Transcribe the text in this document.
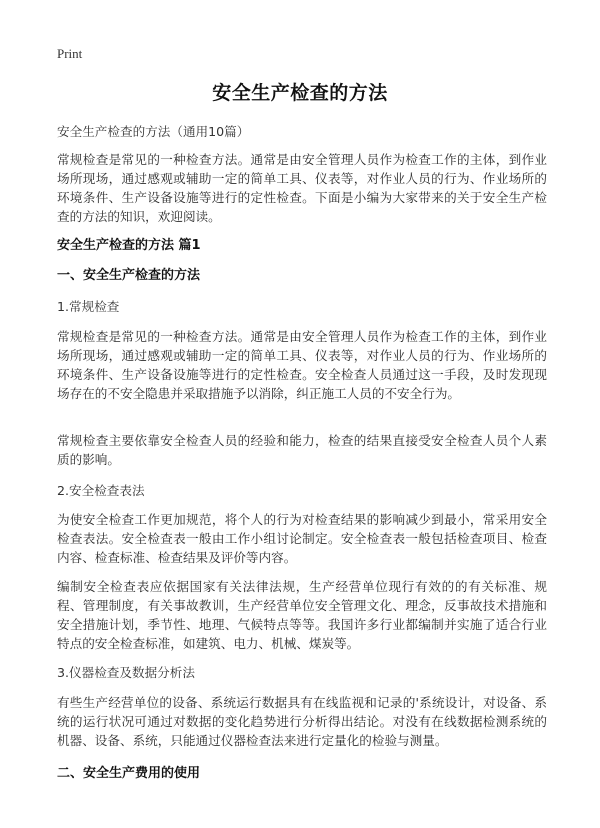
Print
安全生产检查的方法
安全生产检查的方法（通用10篇）
常规检查是常见的一种检查方法。通常是由安全管理人员作为检查工作的主体，到作业场所现场，通过感观或辅助一定的简单工具、仪表等，对作业人员的行为、作业场所的环境条件、生产设备设施等进行的定性检查。下面是小编为大家带来的关于安全生产检查的方法的知识，欢迎阅读。
安全生产检查的方法 篇1
一、安全生产检查的方法
1.常规检查
常规检查是常见的一种检查方法。通常是由安全管理人员作为检查工作的主体，到作业场所现场，通过感观或辅助一定的简单工具、仪表等，对作业人员的行为、作业场所的环境条件、生产设备设施等进行的定性检查。安全检查人员通过这一手段，及时发现现场存在的不安全隐患并采取措施予以消除，纠正施工人员的不安全行为。
常规检查主要依靠安全检查人员的经验和能力，检查的结果直接受安全检查人员个人素质的影响。
2.安全检查表法
为使安全检查工作更加规范，将个人的行为对检查结果的影响减少到最小，常采用安全检查表法。安全检查表一般由工作小组讨论制定。安全检查表一般包括检查项目、检查内容、检查标准、检查结果及评价等内容。
编制安全检查表应依据国家有关法律法规，生产经营单位现行有效的的有关标准、规程、管理制度，有关事故教训，生产经营单位安全管理文化、理念，反事故技术措施和安全措施计划，季节性、地理、气候特点等等。我国许多行业都编制并实施了适合行业特点的安全检查标准，如建筑、电力、机械、煤炭等。
3.仪器检查及数据分析法
有些生产经营单位的设备、系统运行数据具有在线监视和记录的'系统设计，对设备、系统的运行状况可通过对数据的变化趋势进行分析得出结论。对没有在线数据检测系统的机器、设备、系统，只能通过仪器检查法来进行定量化的检验与测量。
二、安全生产费用的使用
